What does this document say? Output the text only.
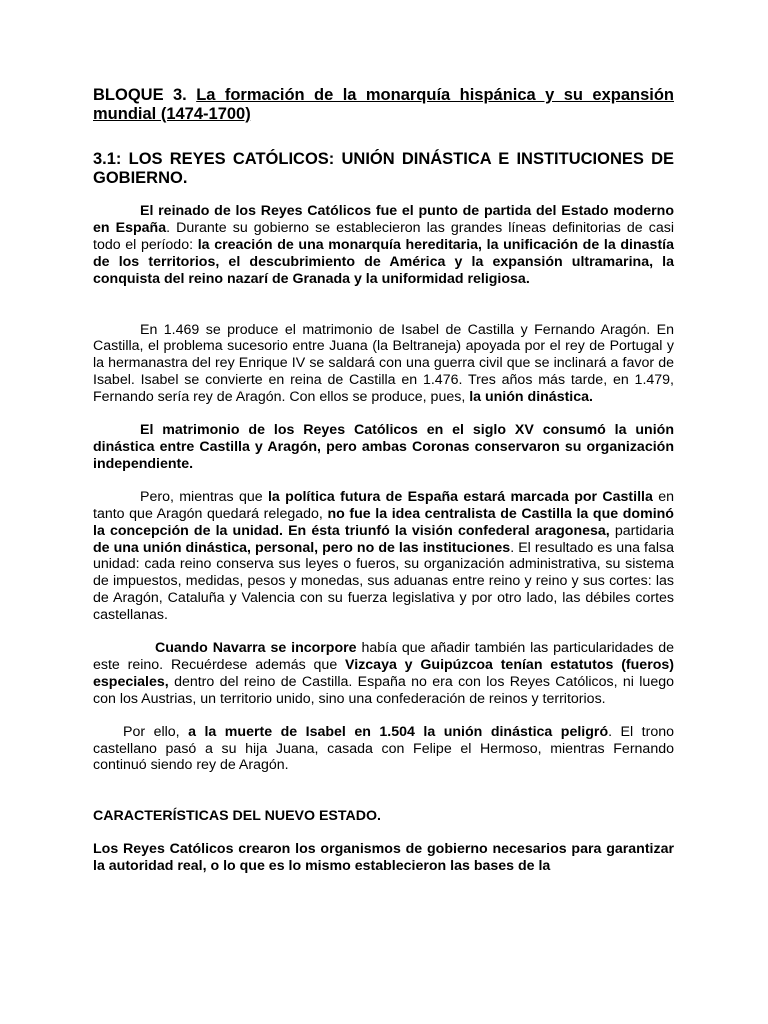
BLOQUE 3. La formación de la monarquía hispánica y su expansión mundial (1474-1700)
3.1: LOS REYES CATÓLICOS: UNIÓN DINÁSTICA E INSTITUCIONES DE GOBIERNO.

El reinado de los Reyes Católicos fue el punto de partida del Estado moderno en España. Durante su gobierno se establecieron las grandes líneas definitorias de casi todo el período: la creación de una monarquía hereditaria, la unificación de la dinastía de los territorios, el descubrimiento de América y la expansión ultramarina, la conquista del reino nazarí de Granada y la uniformidad religiosa.

En 1.469 se produce el matrimonio de Isabel de Castilla y Fernando Aragón. En Castilla, el problema sucesorio entre Juana (la Beltraneja) apoyada por el rey de Portugal y la hermanastra del rey Enrique IV se saldará con una guerra civil que se inclinará a favor de Isabel. Isabel se convierte en reina de Castilla en 1.476. Tres años más tarde, en 1.479, Fernando sería rey de Aragón. Con ellos se produce, pues, la unión dinástica.

El matrimonio de los Reyes Católicos en el siglo XV consumó la unión dinástica entre Castilla y Aragón, pero ambas Coronas conservaron su organización independiente.

Pero, mientras que la política futura de España estará marcada por Castilla en tanto que Aragón quedará relegado, no fue la idea centralista de Castilla la que dominó la concepción de la unidad. En ésta triunfó la visión confederal aragonesa, partidaria de una unión dinástica, personal, pero no de las instituciones. El resultado es una falsa unidad: cada reino conserva sus leyes o fueros, su organización administrativa, su sistema de impuestos, medidas, pesos y monedas, sus aduanas entre reino y reino y sus cortes: las de Aragón, Cataluña y Valencia con su fuerza legislativa y por otro lado, las débiles cortes castellanas.

Cuando Navarra se incorpore había que añadir también las particularidades de este reino. Recuérdese además que Vizcaya y Guipúzcoa tenían estatutos (fueros) especiales, dentro del reino de Castilla. España no era con los Reyes Católicos, ni luego con los Austrias, un territorio unido, sino una confederación de reinos y territorios.

Por ello, a la muerte de Isabel en 1.504 la unión dinástica peligró. El trono castellano pasó a su hija Juana, casada con Felipe el Hermoso, mientras Fernando continuó siendo rey de Aragón.

CARACTERÍSTICAS DEL NUEVO ESTADO.

Los Reyes Católicos crearon los organismos de gobierno necesarios para garantizar la autoridad real, o lo que es lo mismo establecieron las bases de la
